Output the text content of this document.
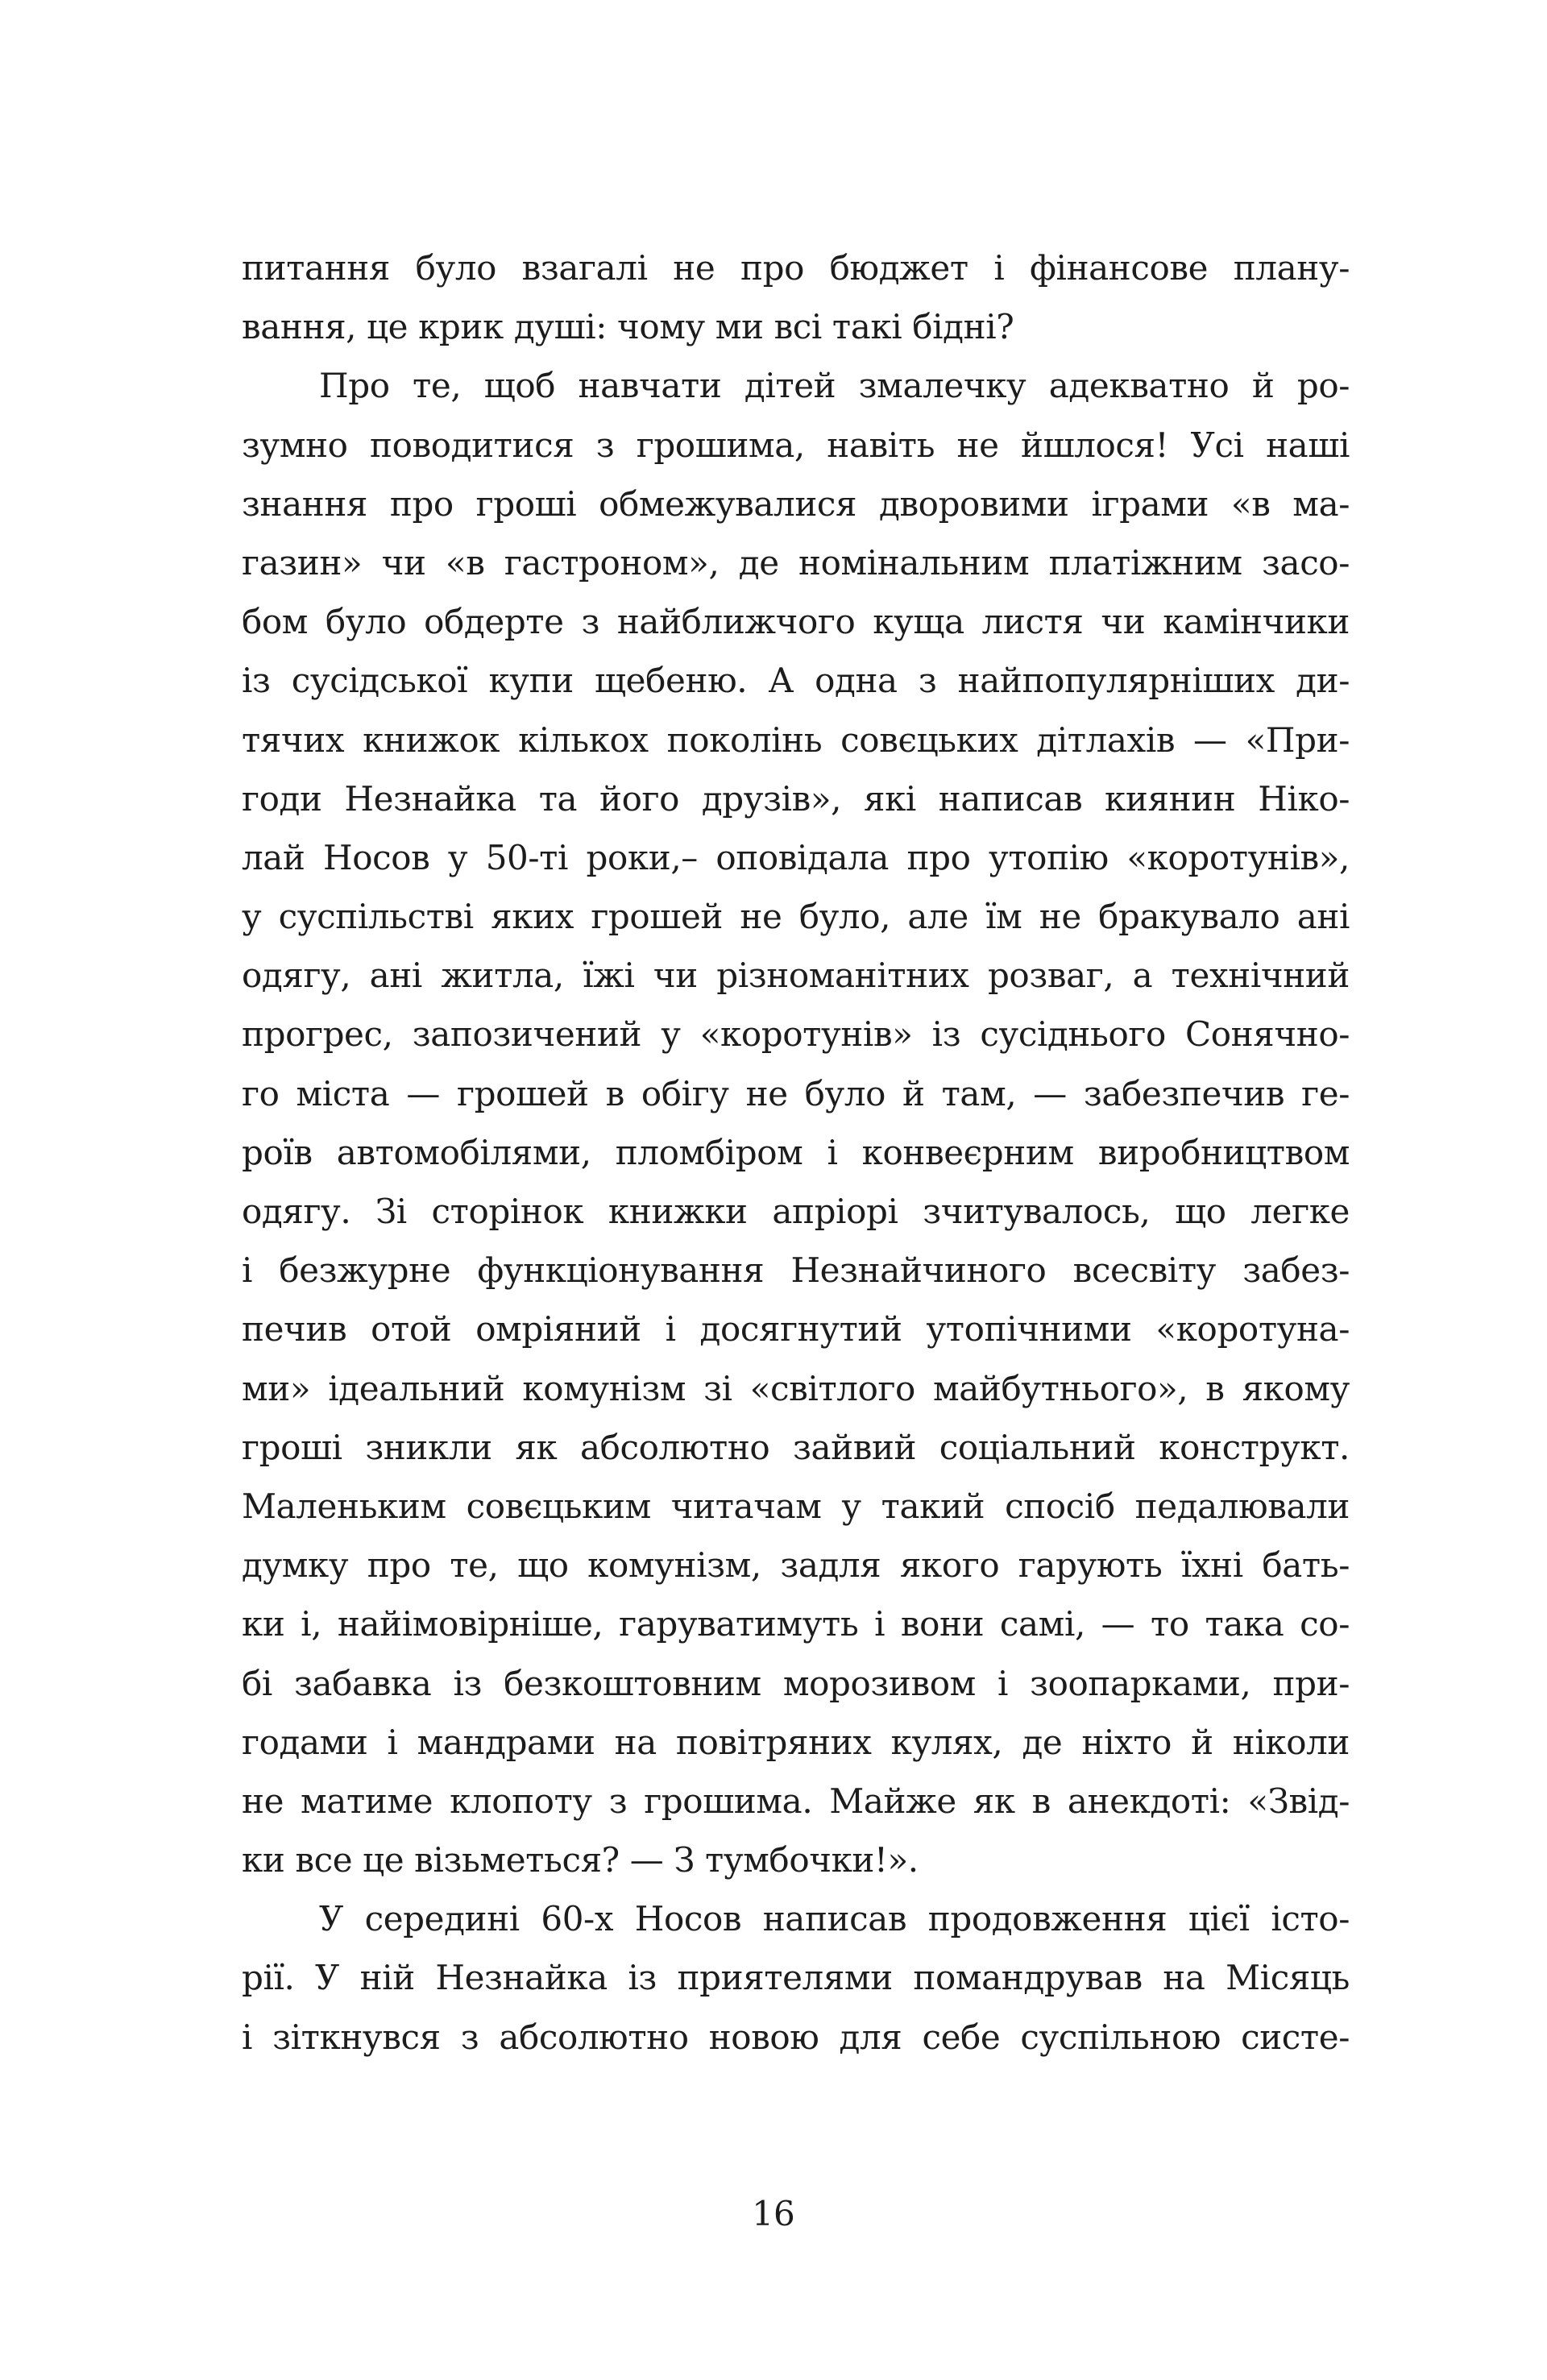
питання було взагалі не про бюджет і фінансове плану-
вання, це крик душі: чому ми всі такі бідні?
Про те, щоб навчати дітей змалечку адекватно й ро-
зумно поводитися з грошима, навіть не йшлося! Усі наші
знання про гроші обмежувалися дворовими іграми «в ма-
газин» чи «в гастроном», де номінальним платіжним засо-
бом було обдерте з найближчого куща листя чи камінчики
із сусідської купи щебеню. А одна з найпопулярніших ди-
тячих книжок кількох поколінь совєцьких дітлахів — «При-
годи Незнайка та його друзів», які написав киянин Ніко-
лай Носов у 50-ті роки,– оповідала про утопію «коротунів»,
у суспільстві яких грошей не було, але їм не бракувало ані
одягу, ані житла, їжі чи різноманітних розваг, а технічний
прогрес, запозичений у «коротунів» із сусіднього Сонячно-
го міста — грошей в обігу не було й там, — забезпечив ге-
роїв автомобілями, пломбіром і конвеєрним виробництвом
одягу. Зі сторінок книжки апріорі зчитувалось, що легке
і безжурне функціонування Незнайчиного всесвіту забез-
печив отой омріяний і досягнутий утопічними «коротуна-
ми» ідеальний комунізм зі «світлого майбутнього», в якому
гроші зникли як абсолютно зайвий соціальний конструкт.
Маленьким совєцьким читачам у такий спосіб педалювали
думку про те, що комунізм, задля якого гарують їхні бать-
ки і, найімовірніше, гаруватимуть і вони самі, — то така со-
бі забавка із безкоштовним морозивом і зоопарками, при-
годами і мандрами на повітряних кулях, де ніхто й ніколи
не матиме клопоту з грошима. Майже як в анекдоті: «Звід-
ки все це візьметься? — З тумбочки!».
У середині 60-х Носов написав продовження цієї істо-
рії. У ній Незнайка із приятелями помандрував на Місяць
і зіткнувся з абсолютно новою для себе суспільною систе-
16
